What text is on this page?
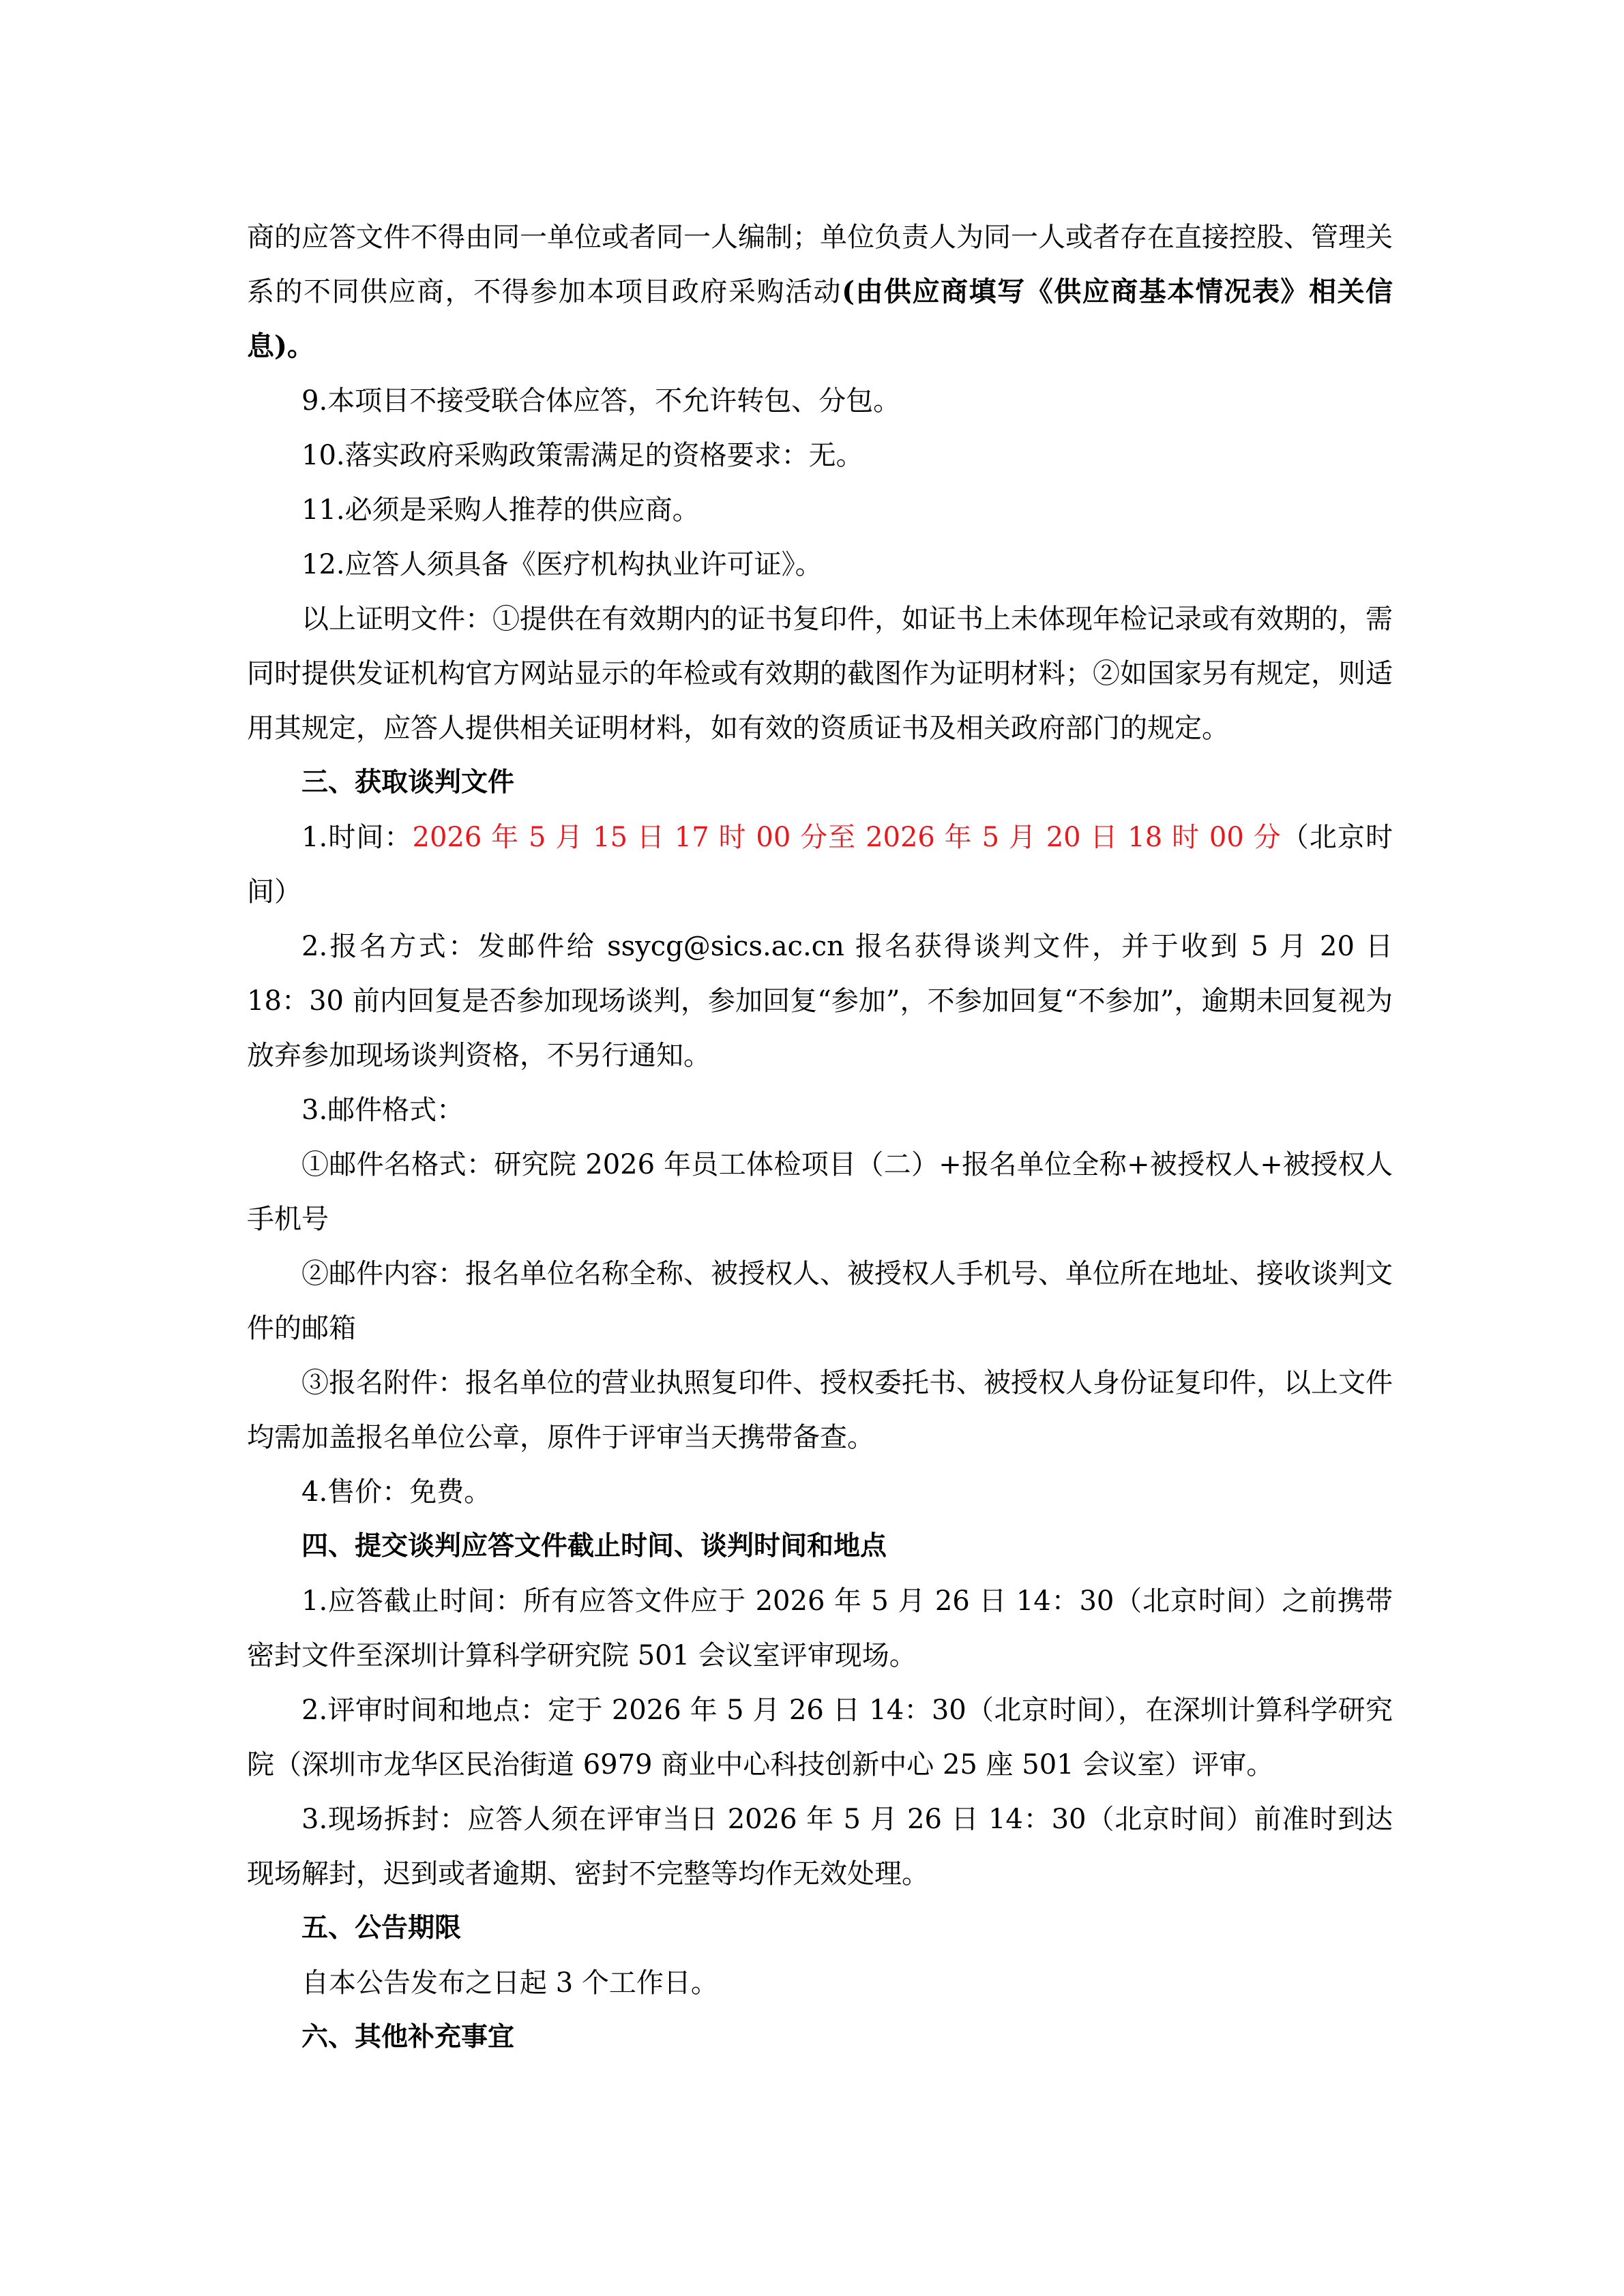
商的应答文件不得由同一单位或者同一人编制；单位负责人为同一人或者存在直接控股、管理关系的不同供应商，不得参加本项目政府采购活动(由供应商填写《供应商基本情况表》相关信息)。

9.本项目不接受联合体应答，不允许转包、分包。

10.落实政府采购政策需满足的资格要求：无。

11.必须是采购人推荐的供应商。

12.应答人须具备《医疗机构执业许可证》。

以上证明文件：①提供在有效期内的证书复印件，如证书上未体现年检记录或有效期的，需同时提供发证机构官方网站显示的年检或有效期的截图作为证明材料；②如国家另有规定，则适用其规定，应答人提供相关证明材料，如有效的资质证书及相关政府部门的规定。

三、获取谈判文件

1.时间：2026 年 5 月 15 日 17 时 00 分至 2026 年 5 月 20 日 18 时 00 分（北京时间）

2.报名方式：发邮件给 ssycg@sics.ac.cn 报名获得谈判文件，并于收到 5 月 20 日 18：30 前内回复是否参加现场谈判，参加回复“参加”，不参加回复“不参加”，逾期未回复视为放弃参加现场谈判资格，不另行通知。

3.邮件格式：

①邮件名格式：研究院 2026 年员工体检项目（二）+报名单位全称+被授权人+被授权人手机号

②邮件内容：报名单位名称全称、被授权人、被授权人手机号、单位所在地址、接收谈判文件的邮箱

③报名附件：报名单位的营业执照复印件、授权委托书、被授权人身份证复印件，以上文件均需加盖报名单位公章，原件于评审当天携带备查。

4.售价：免费。

四、提交谈判应答文件截止时间、谈判时间和地点

1.应答截止时间：所有应答文件应于 2026 年 5 月 26 日 14：30（北京时间）之前携带密封文件至深圳计算科学研究院 501 会议室评审现场。

2.评审时间和地点：定于 2026 年 5 月 26 日 14：30（北京时间），在深圳计算科学研究院（深圳市龙华区民治街道 6979 商业中心科技创新中心 25 座 501 会议室）评审。

3.现场拆封：应答人须在评审当日 2026 年 5 月 26 日 14：30（北京时间）前准时到达现场解封，迟到或者逾期、密封不完整等均作无效处理。

五、公告期限

自本公告发布之日起 3 个工作日。

六、其他补充事宜
